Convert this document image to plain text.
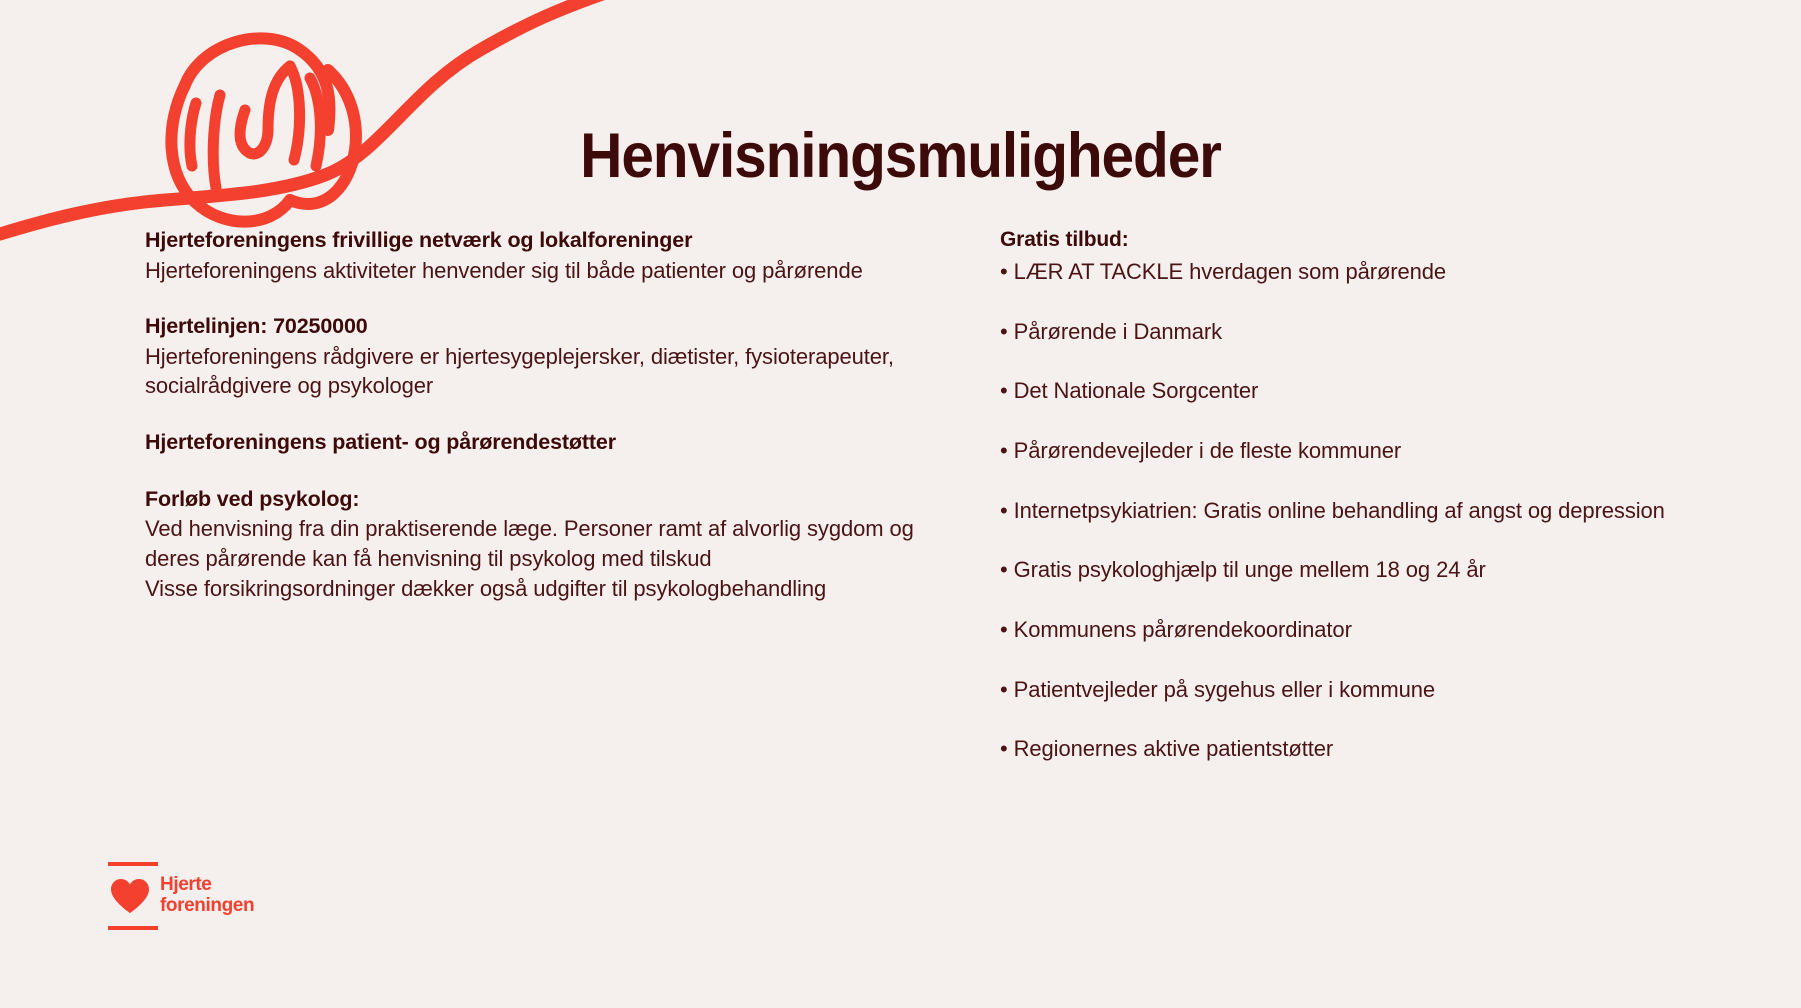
Henvisningsmuligheder

Hjerteforeningens frivillige netværk og lokalforeninger

Hjerteforeningens aktiviteter henvender sig til både patienter og pårørende

Hjertelinjen: 70250000

Hjerteforeningens rådgivere er hjertesygeplejersker, diætister, fysioterapeuter, socialrådgivere og psykologer

Hjerteforeningens patient- og pårørendestøtter

Forløb ved psykolog:

Ved henvisning fra din praktiserende læge. Personer ramt af alvorlig sygdom og deres pårørende kan få henvisning til psykolog med tilskud

Visse forsikringsordninger dækker også udgifter til psykologbehandling

Gratis tilbud:

• LÆR AT TACKLE hverdagen som pårørende

• Pårørende i Danmark

• Det Nationale Sorgcenter

• Pårørendevejleder i de fleste kommuner

• Internetpsykiatrien: Gratis online behandling af angst og depression

• Gratis psykologhjælp til unge mellem 18 og 24 år

• Kommunens pårørendekoordinator

• Patientvejleder på sygehus eller i kommune

• Regionernes aktive patientstøtter

Hjerte
foreningen
